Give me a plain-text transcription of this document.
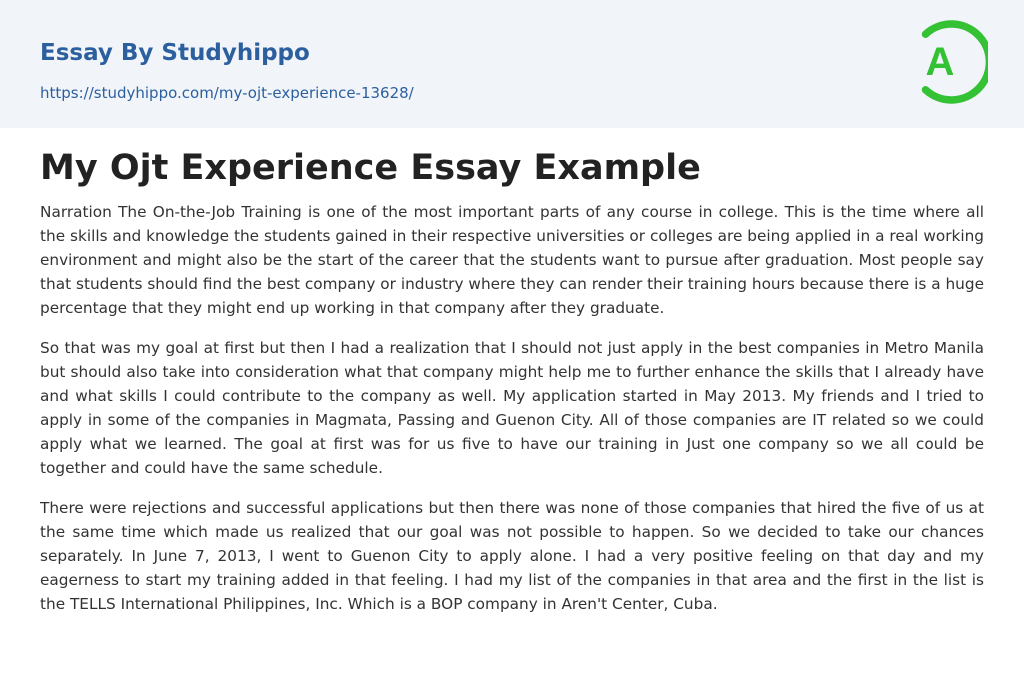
Essay By Studyhippo
https://studyhippo.com/my-ojt-experience-13628/
A
My Ojt Experience Essay Example

Narration The On-the-Job Training is one of the most important parts of any course in college. This is the time where all the skills and knowledge the students gained in their respective universities or colleges are being applied in a real working environment and might also be the start of the career that the students want to pursue after graduation. Most people say that students should find the best company or industry where they can render their training hours because there is a huge percentage that they might end up working in that company after they graduate.

So that was my goal at first but then I had a realization that I should not just apply in the best companies in Metro Manila but should also take into consideration what that company might help me to further enhance the skills that I already have and what skills I could contribute to the company as well. My application started in May 2013. My friends and I tried to apply in some of the companies in Magmata, Passing and Guenon City. All of those companies are IT related so we could apply what we learned. The goal at first was for us five to have our training in Just one company so we all could be together and could have the same schedule.

There were rejections and successful applications but then there was none of those companies that hired the five of us at the same time which made us realized that our goal was not possible to happen. So we decided to take our chances separately. In June 7, 2013, I went to Guenon City to apply alone. I had a very positive feeling on that day and my eagerness to start my training added in that feeling. I had my list of the companies in that area and the first in the list is the TELLS International Philippines, Inc. Which is a BOP company in Aren't Center, Cuba.
